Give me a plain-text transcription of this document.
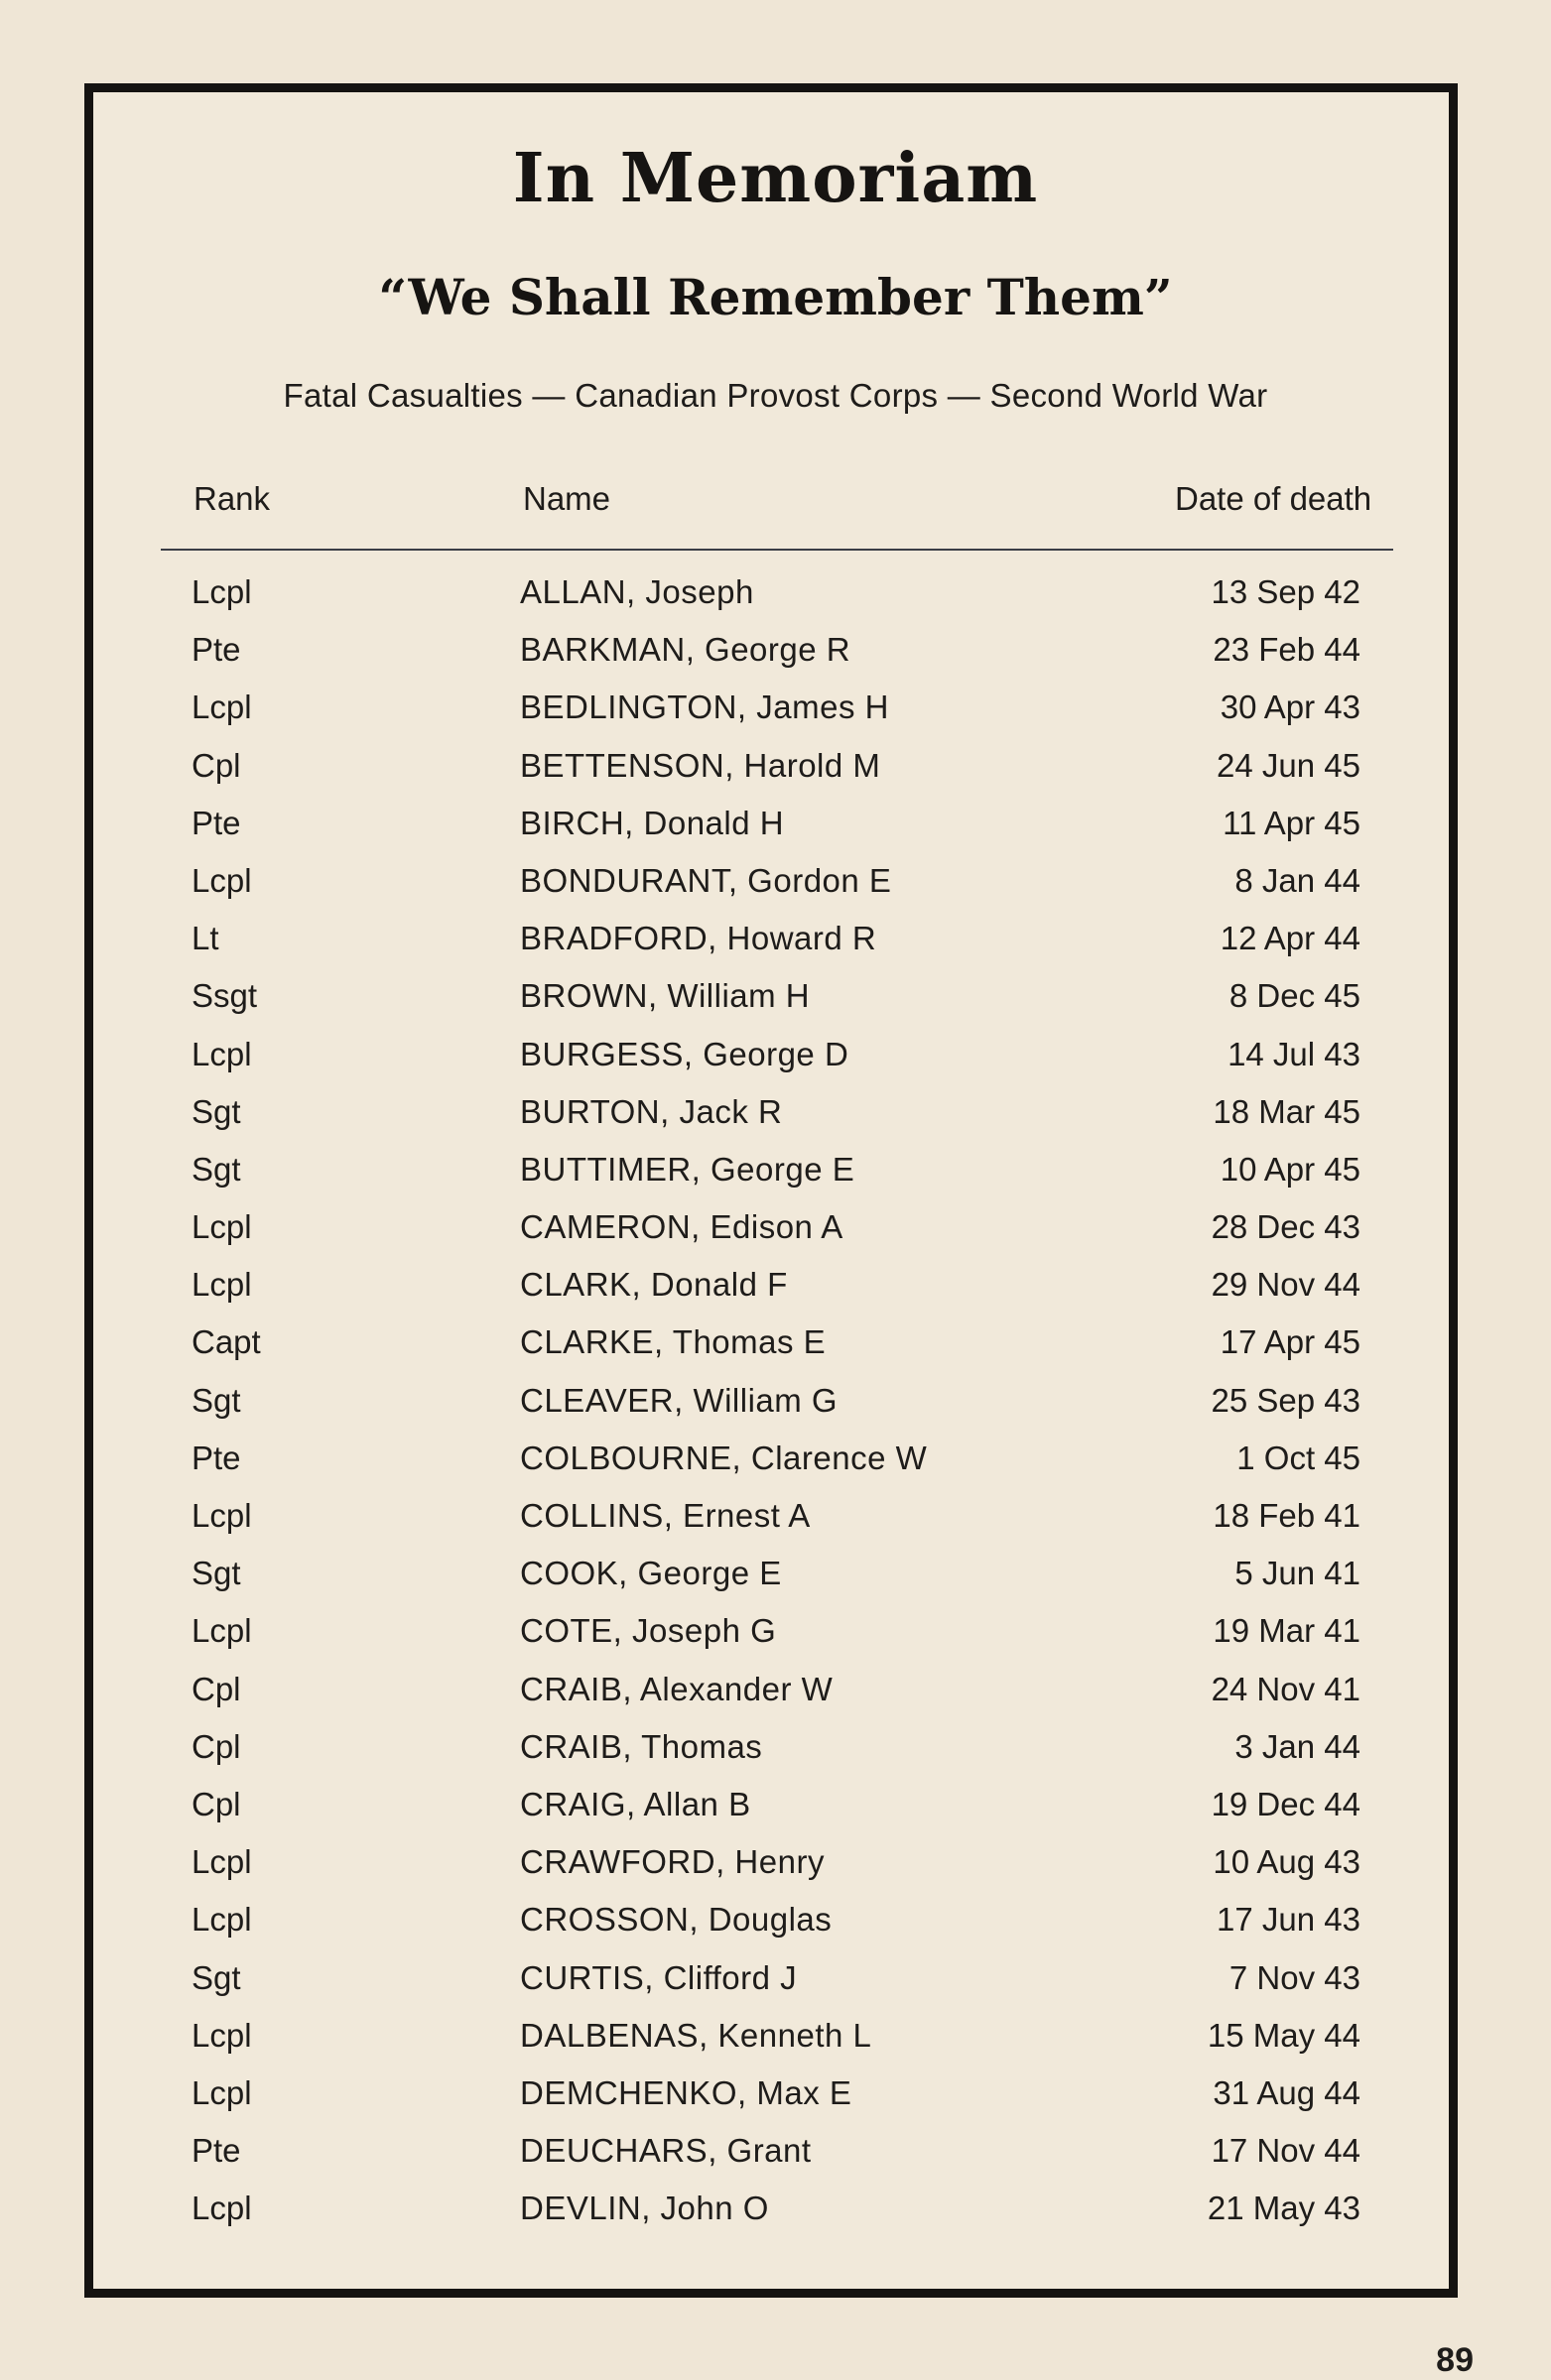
In Memoriam
“We Shall Remember Them”
Fatal Casualties — Canadian Provost Corps — Second World War
Rank	Name	Date of death
Lcpl	ALLAN, Joseph	13 Sep 42
Pte	BARKMAN, George R	23 Feb 44
Lcpl	BEDLINGTON, James H	30 Apr 43
Cpl	BETTENSON, Harold M	24 Jun 45
Pte	BIRCH, Donald H	11 Apr 45
Lcpl	BONDURANT, Gordon E	8 Jan 44
Lt	BRADFORD, Howard R	12 Apr 44
Ssgt	BROWN, William H	8 Dec 45
Lcpl	BURGESS, George D	14 Jul 43
Sgt	BURTON, Jack R	18 Mar 45
Sgt	BUTTIMER, George E	10 Apr 45
Lcpl	CAMERON, Edison A	28 Dec 43
Lcpl	CLARK, Donald F	29 Nov 44
Capt	CLARKE, Thomas E	17 Apr 45
Sgt	CLEAVER, William G	25 Sep 43
Pte	COLBOURNE, Clarence W	1 Oct 45
Lcpl	COLLINS, Ernest A	18 Feb 41
Sgt	COOK, George E	5 Jun 41
Lcpl	COTE, Joseph G	19 Mar 41
Cpl	CRAIB, Alexander W	24 Nov 41
Cpl	CRAIB, Thomas	3 Jan 44
Cpl	CRAIG, Allan B	19 Dec 44
Lcpl	CRAWFORD, Henry	10 Aug 43
Lcpl	CROSSON, Douglas	17 Jun 43
Sgt	CURTIS, Clifford J	7 Nov 43
Lcpl	DALBENAS, Kenneth L	15 May 44
Lcpl	DEMCHENKO, Max E	31 Aug 44
Pte	DEUCHARS, Grant	17 Nov 44
Lcpl	DEVLIN, John O	21 May 43
89
